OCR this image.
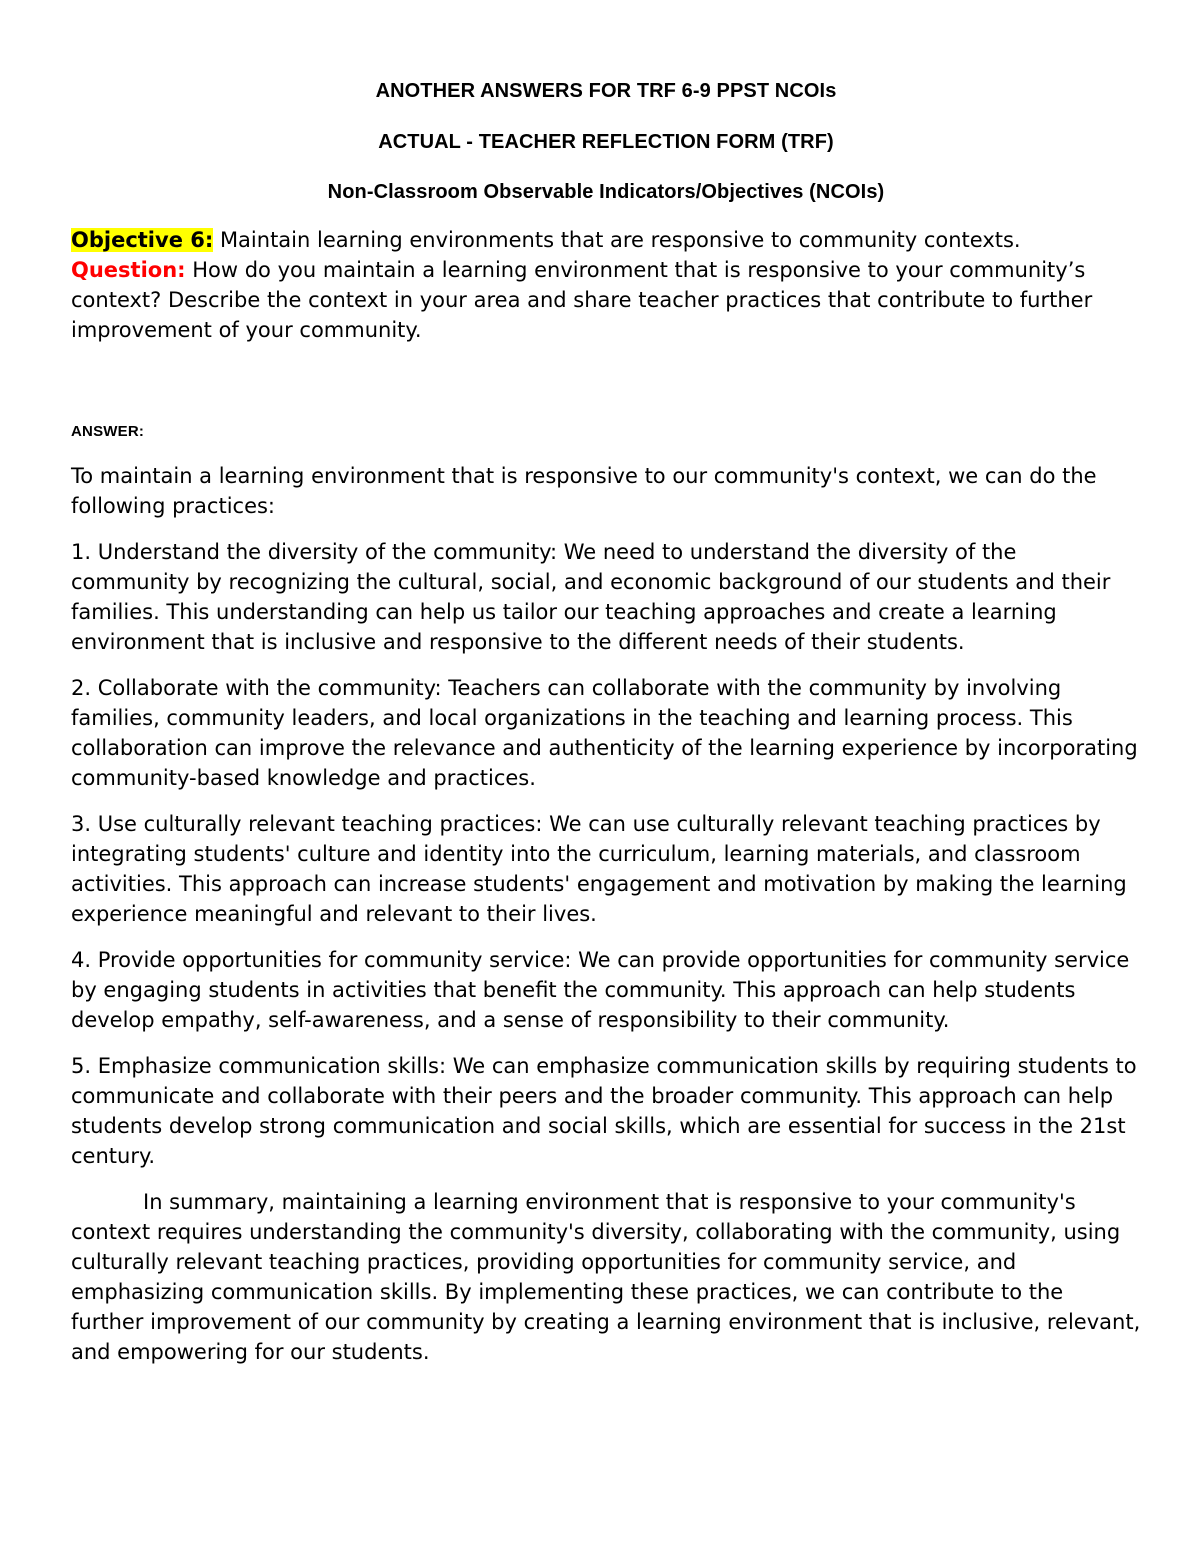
ANOTHER ANSWERS FOR TRF 6-9 PPST NCOIs
ACTUAL - TEACHER REFLECTION FORM (TRF)
Non-Classroom Observable Indicators/Objectives (NCOIs)

Objective 6: Maintain learning environments that are responsive to community contexts.

Question: How do you maintain a learning environment that is responsive to your community’s context? Describe the context in your area and share teacher practices that contribute to further improvement of your community.

ANSWER:

To maintain a learning environment that is responsive to our community's context, we can do the following practices:

1. Understand the diversity of the community: We need to understand the diversity of the community by recognizing the cultural, social, and economic background of our students and their families. This understanding can help us tailor our teaching approaches and create a learning environment that is inclusive and responsive to the different needs of their students.

2. Collaborate with the community: Teachers can collaborate with the community by involving families, community leaders, and local organizations in the teaching and learning process. This collaboration can improve the relevance and authenticity of the learning experience by incorporating community-based knowledge and practices.

3. Use culturally relevant teaching practices: We can use culturally relevant teaching practices by integrating students' culture and identity into the curriculum, learning materials, and classroom activities. This approach can increase students' engagement and motivation by making the learning experience meaningful and relevant to their lives.

4. Provide opportunities for community service: We can provide opportunities for community service by engaging students in activities that benefit the community. This approach can help students develop empathy, self-awareness, and a sense of responsibility to their community.

5. Emphasize communication skills: We can emphasize communication skills by requiring students to communicate and collaborate with their peers and the broader community. This approach can help students develop strong communication and social skills, which are essential for success in the 21st century.

In summary, maintaining a learning environment that is responsive to your community's context requires understanding the community's diversity, collaborating with the community, using culturally relevant teaching practices, providing opportunities for community service, and emphasizing communication skills. By implementing these practices, we can contribute to the further improvement of our community by creating a learning environment that is inclusive, relevant, and empowering for our students.
